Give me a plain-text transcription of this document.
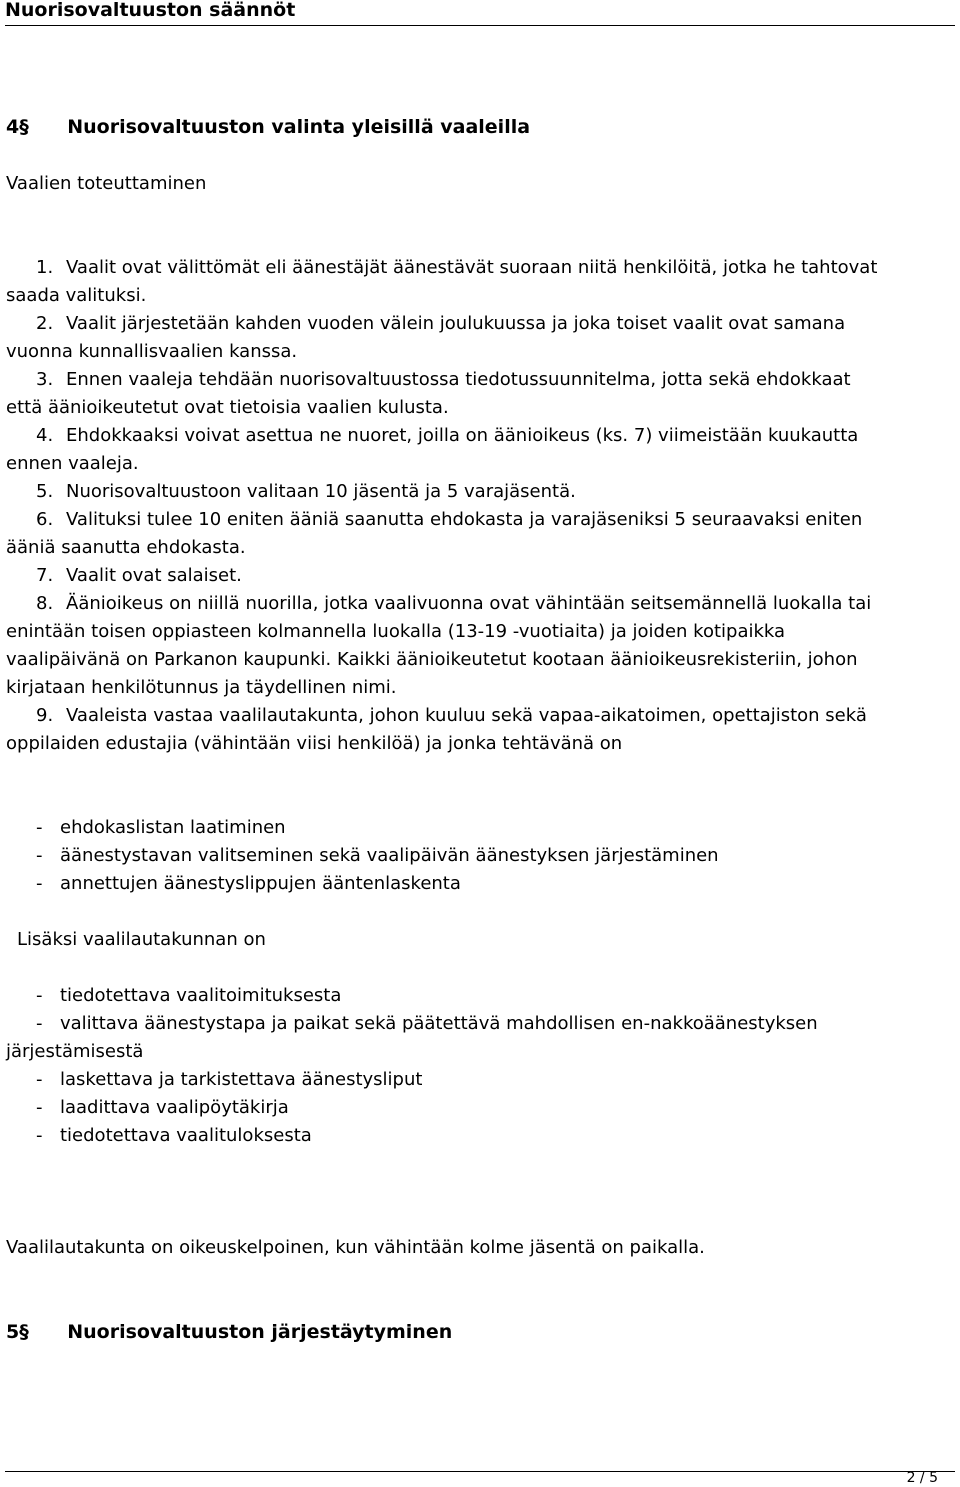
Nuorisovaltuuston säännöt
4§Nuorisovaltuuston valinta yleisillä vaaleilla
Vaalien toteuttaminen
1. Vaalit ovat välittömät eli äänestäjät äänestävät suoraan niitä henkilöitä, jotka he tahtovat
saada valituksi.
2. Vaalit järjestetään kahden vuoden välein joulukuussa ja joka toiset vaalit ovat samana
vuonna kunnallisvaalien kanssa.
3. Ennen vaaleja tehdään nuorisovaltuustossa tiedotussuunnitelma, jotta sekä ehdokkaat
että äänioikeutetut ovat tietoisia vaalien kulusta.
4. Ehdokkaaksi voivat asettua ne nuoret, joilla on äänioikeus (ks. 7) viimeistään kuukautta
ennen vaaleja.
5. Nuorisovaltuustoon valitaan 10 jäsentä ja 5 varajäsentä.
6. Valituksi tulee 10 eniten ääniä saanutta ehdokasta ja varajäseniksi 5 seuraavaksi eniten
ääniä saanutta ehdokasta.
7. Vaalit ovat salaiset.
8. Äänioikeus on niillä nuorilla, jotka vaalivuonna ovat vähintään seitsemännellä luokalla tai
enintään toisen oppiasteen kolmannella luokalla (13-19 -vuotiaita) ja joiden kotipaikka
vaalipäivänä on Parkanon kaupunki. Kaikki äänioikeutetut kootaan äänioikeusrekisteriin, johon
kirjataan henkilötunnus ja täydellinen nimi.
9. Vaaleista vastaa vaalilautakunta, johon kuuluu sekä vapaa-aikatoimen, opettajiston sekä
oppilaiden edustajia (vähintään viisi henkilöä) ja jonka tehtävänä on
- ehdokaslistan laatiminen
- äänestystavan valitseminen sekä vaalipäivän äänestyksen järjestäminen
- annettujen äänestyslippujen ääntenlaskenta
Lisäksi vaalilautakunnan on
- tiedotettava vaalitoimituksesta
- valittava äänestystapa ja paikat sekä päätettävä mahdollisen en-nakkoäänestyksen
järjestämisestä
- laskettava ja tarkistettava äänestysliput
- laadittava vaalipöytäkirja
- tiedotettava vaalituloksesta
Vaalilautakunta on oikeuskelpoinen, kun vähintään kolme jäsentä on paikalla.
5§Nuorisovaltuuston järjestäytyminen
2 / 5
